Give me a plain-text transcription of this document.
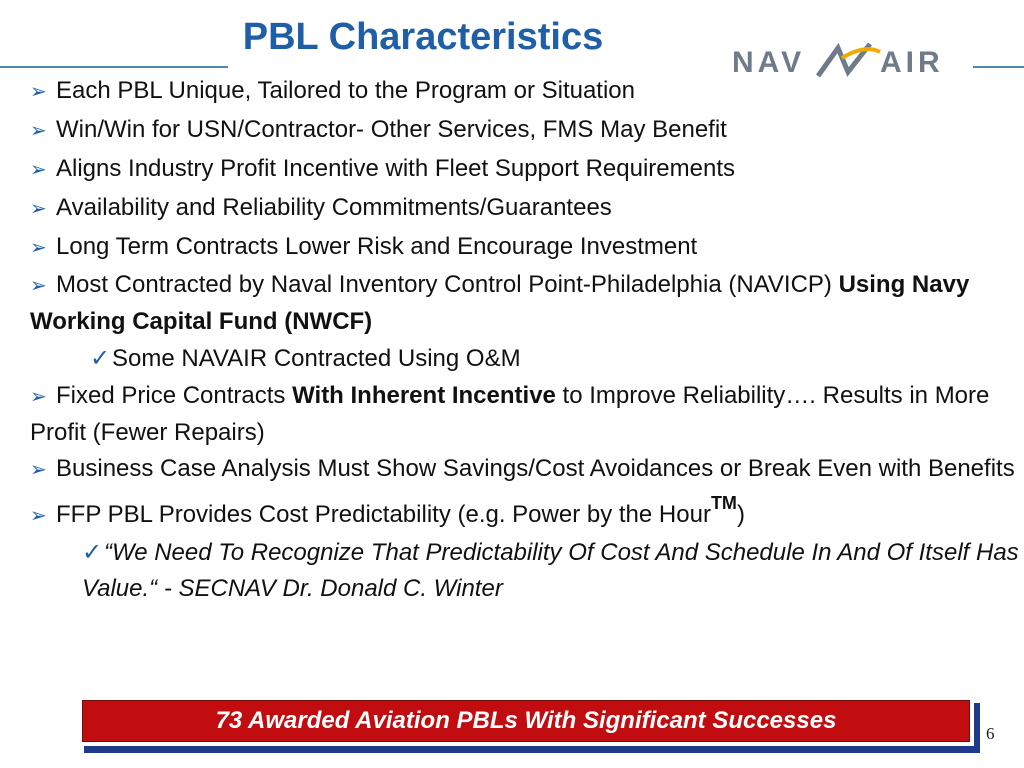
PBL Characteristics
NAV AIR
➢ Each PBL Unique, Tailored to the Program or Situation
➢ Win/Win for USN/Contractor- Other Services, FMS May Benefit
➢ Aligns Industry Profit Incentive with Fleet Support Requirements
➢ Availability and Reliability Commitments/Guarantees
➢ Long Term Contracts Lower Risk and Encourage Investment
➢ Most Contracted by Naval Inventory Control Point-Philadelphia (NAVICP) Using Navy Working Capital Fund (NWCF)
✓Some NAVAIR Contracted Using O&M
➢ Fixed Price Contracts With Inherent Incentive to Improve Reliability…. Results in More Profit (Fewer Repairs)
➢ Business Case Analysis Must Show Savings/Cost Avoidances or Break Even with Benefits
➢ FFP PBL Provides Cost Predictability (e.g. Power by the Hour™)
✓“We Need To Recognize That Predictability Of Cost And Schedule In And Of Itself Has Value.“ - SECNAV Dr. Donald C. Winter
73 Awarded Aviation PBLs With Significant Successes	6
